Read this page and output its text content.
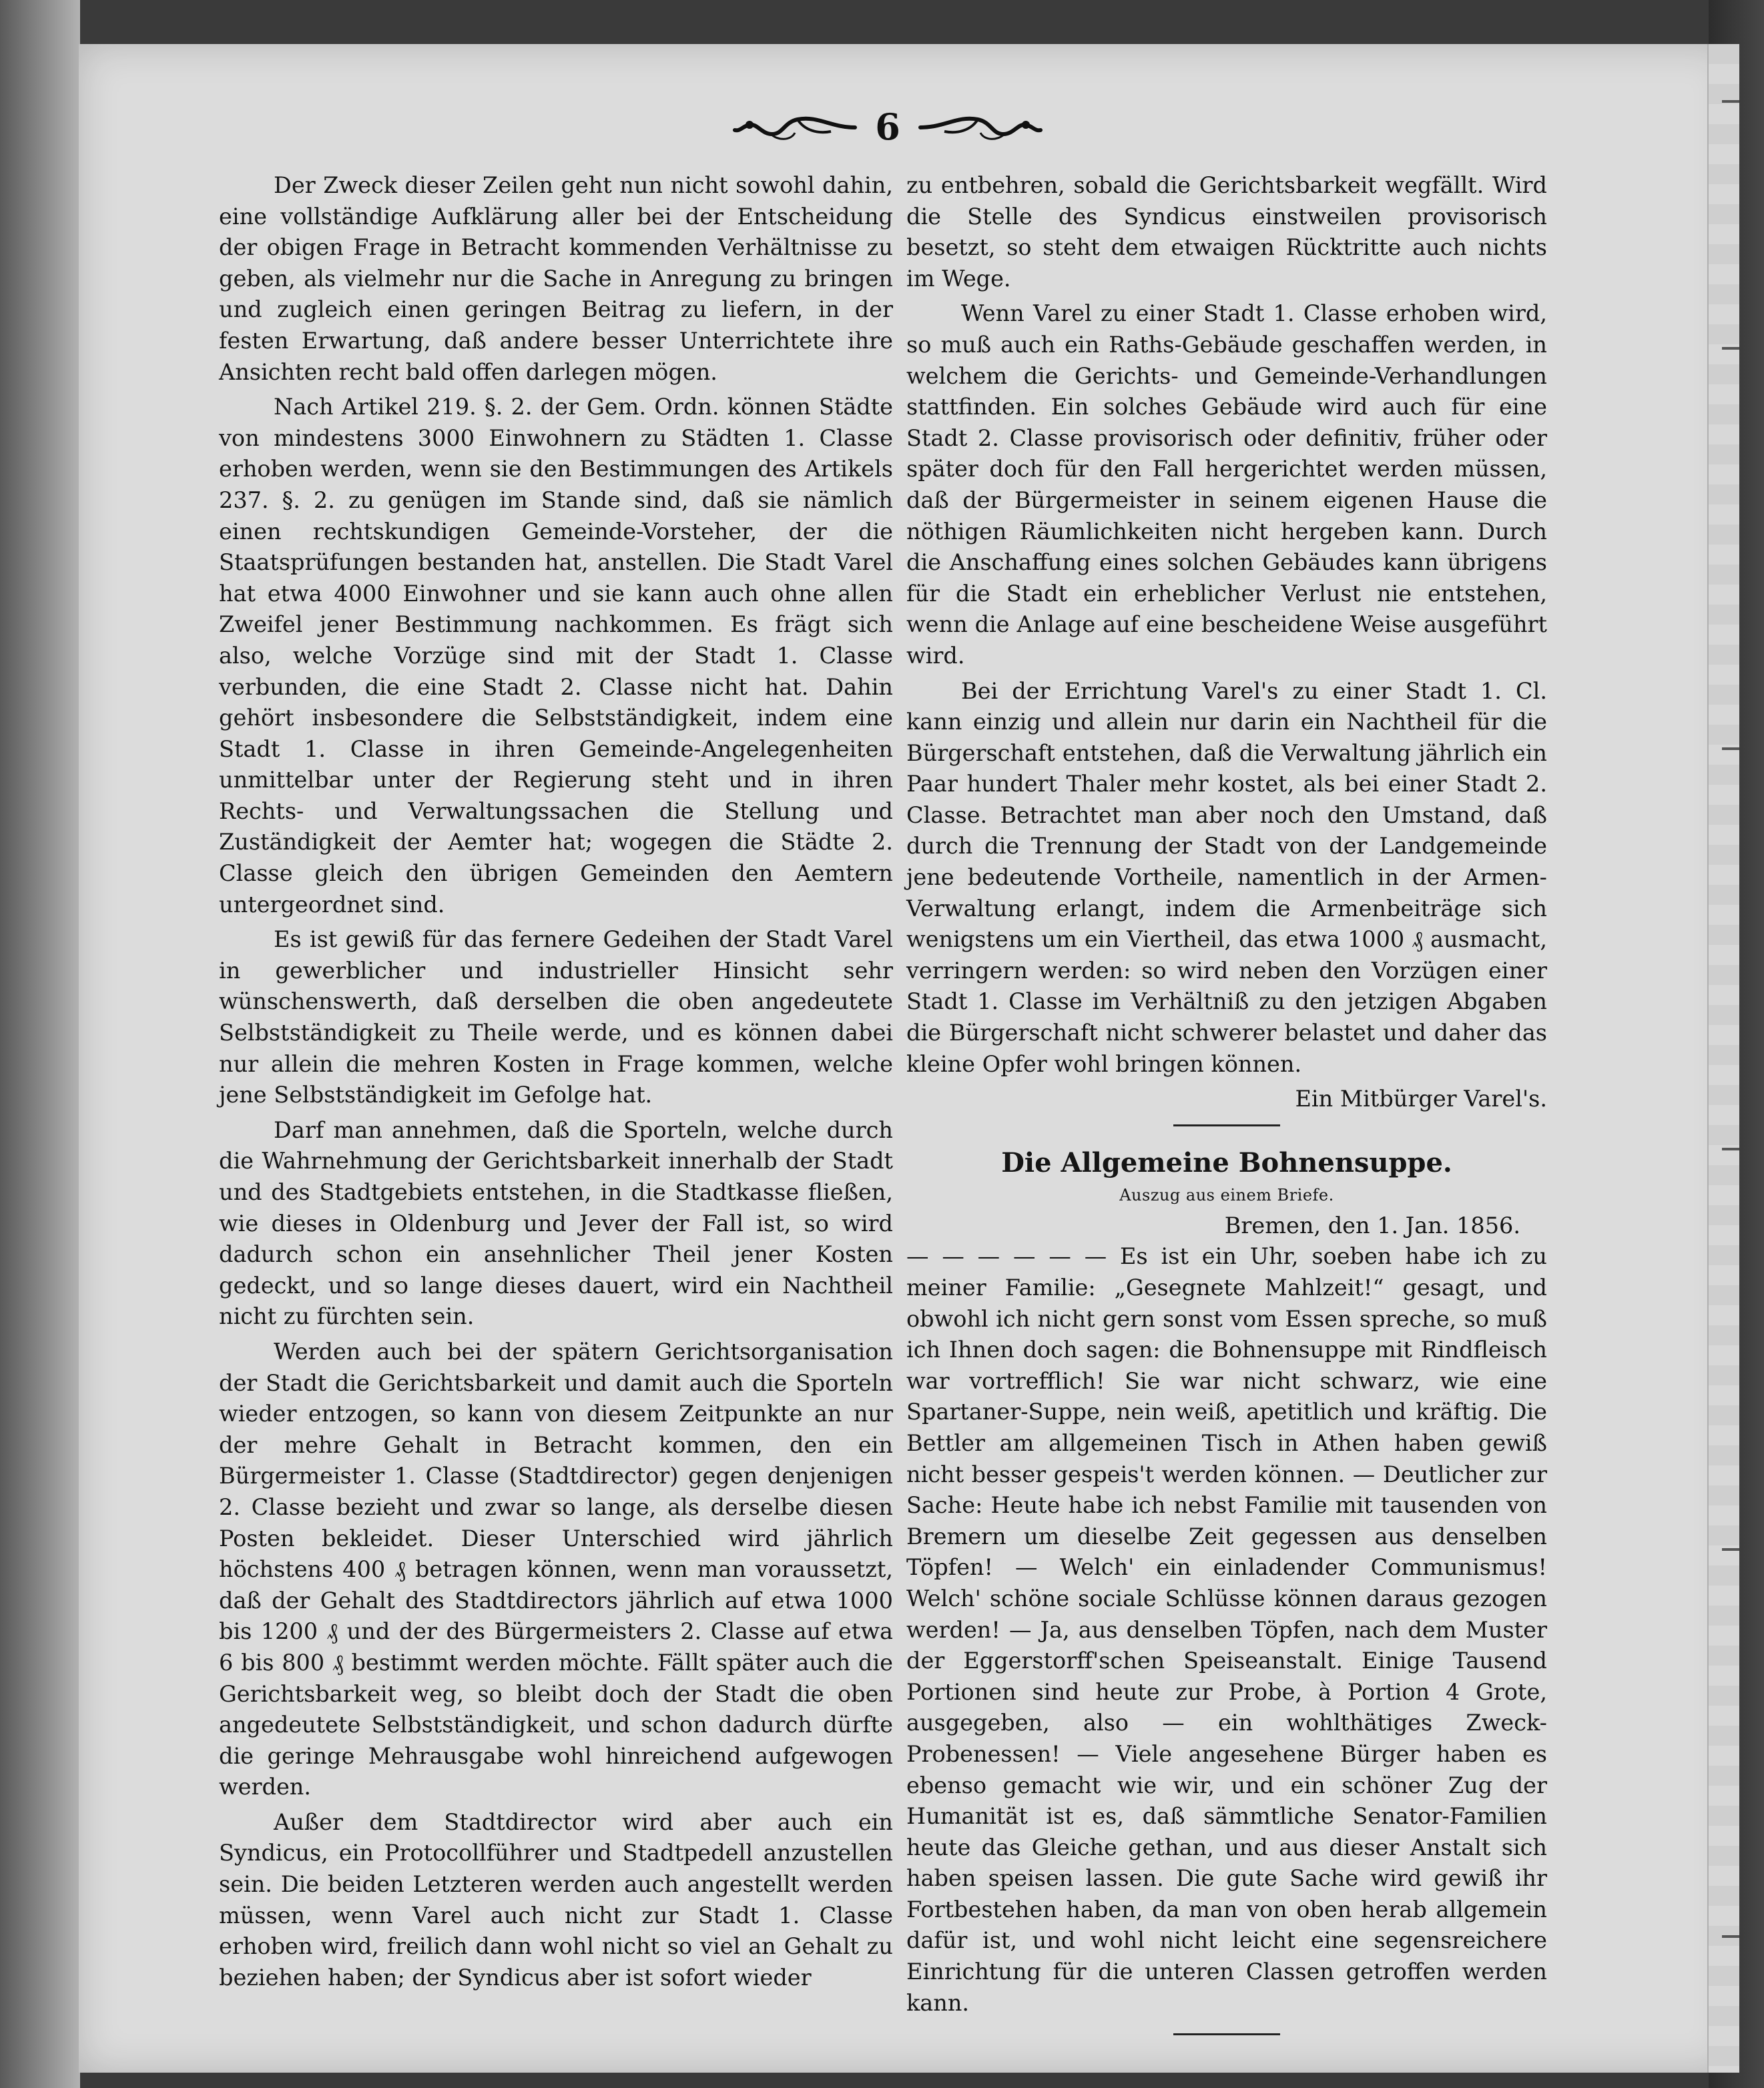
6

Der Zweck dieser Zeilen geht nun nicht sowohl dahin, eine vollständige Aufklärung aller bei der Entscheidung der obigen Frage in Betracht kommenden Verhältnisse zu geben, als vielmehr nur die Sache in Anregung zu bringen und zugleich einen geringen Beitrag zu liefern, in der festen Erwartung, daß andere besser Unterrichtete ihre Ansichten recht bald offen darlegen mögen.

Nach Artikel 219. §. 2. der Gem. Ordn. können Städte von mindestens 3000 Einwohnern zu Städten 1. Classe erhoben werden, wenn sie den Bestimmungen des Artikels 237. §. 2. zu genügen im Stande sind, daß sie nämlich einen rechtskundigen Gemeinde-Vorsteher, der die Staatsprüfungen bestanden hat, anstellen. Die Stadt Varel hat etwa 4000 Einwohner und sie kann auch ohne allen Zweifel jener Bestimmung nachkommen. Es frägt sich also, welche Vorzüge sind mit der Stadt 1. Classe verbunden, die eine Stadt 2. Classe nicht hat. Dahin gehört insbesondere die Selbstständigkeit, indem eine Stadt 1. Classe in ihren Gemeinde-Angelegenheiten unmittelbar unter der Regierung steht und in ihren Rechts- und Verwaltungssachen die Stellung und Zuständigkeit der Aemter hat; wogegen die Städte 2. Classe gleich den übrigen Gemeinden den Aemtern untergeordnet sind.

Es ist gewiß für das fernere Gedeihen der Stadt Varel in gewerblicher und industrieller Hinsicht sehr wünschenswerth, daß derselben die oben angedeutete Selbstständigkeit zu Theile werde, und es können dabei nur allein die mehren Kosten in Frage kommen, welche jene Selbstständigkeit im Gefolge hat.

Darf man annehmen, daß die Sporteln, welche durch die Wahrnehmung der Gerichtsbarkeit innerhalb der Stadt und des Stadtgebiets entstehen, in die Stadtkasse fließen, wie dieses in Oldenburg und Jever der Fall ist, so wird dadurch schon ein ansehnlicher Theil jener Kosten gedeckt, und so lange dieses dauert, wird ein Nachtheil nicht zu fürchten sein.

Werden auch bei der spätern Gerichtsorganisation der Stadt die Gerichtsbarkeit und damit auch die Sporteln wieder entzogen, so kann von diesem Zeitpunkte an nur der mehre Gehalt in Betracht kommen, den ein Bürgermeister 1. Classe (Stadtdirector) gegen denjenigen 2. Classe bezieht und zwar so lange, als derselbe diesen Posten bekleidet. Dieser Unterschied wird jährlich höchstens 400 ₰ betragen können, wenn man voraussetzt, daß der Gehalt des Stadtdirectors jährlich auf etwa 1000 bis 1200 ₰ und der des Bürgermeisters 2. Classe auf etwa 6 bis 800 ₰ bestimmt werden möchte. Fällt später auch die Gerichtsbarkeit weg, so bleibt doch der Stadt die oben angedeutete Selbstständigkeit, und schon dadurch dürfte die geringe Mehrausgabe wohl hinreichend aufgewogen werden.

Außer dem Stadtdirector wird aber auch ein Syndicus, ein Protocollführer und Stadtpedell anzustellen sein. Die beiden Letzteren werden auch angestellt werden müssen, wenn Varel auch nicht zur Stadt 1. Classe erhoben wird, freilich dann wohl nicht so viel an Gehalt zu beziehen haben; der Syndicus aber ist sofort wieder

zu entbehren, sobald die Gerichtsbarkeit wegfällt. Wird die Stelle des Syndicus einstweilen provisorisch besetzt, so steht dem etwaigen Rücktritte auch nichts im Wege.

Wenn Varel zu einer Stadt 1. Classe erhoben wird, so muß auch ein Raths-Gebäude geschaffen werden, in welchem die Gerichts- und Gemeinde-Verhandlungen stattfinden. Ein solches Gebäude wird auch für eine Stadt 2. Classe provisorisch oder definitiv, früher oder später doch für den Fall hergerichtet werden müssen, daß der Bürgermeister in seinem eigenen Hause die nöthigen Räumlichkeiten nicht hergeben kann. Durch die Anschaffung eines solchen Gebäudes kann übrigens für die Stadt ein erheblicher Verlust nie entstehen, wenn die Anlage auf eine bescheidene Weise ausgeführt wird.

Bei der Errichtung Varel's zu einer Stadt 1. Cl. kann einzig und allein nur darin ein Nachtheil für die Bürgerschaft entstehen, daß die Verwaltung jährlich ein Paar hundert Thaler mehr kostet, als bei einer Stadt 2. Classe. Betrachtet man aber noch den Umstand, daß durch die Trennung der Stadt von der Landgemeinde jene bedeutende Vortheile, namentlich in der Armen-Verwaltung erlangt, indem die Armenbeiträge sich wenigstens um ein Viertheil, das etwa 1000 ₰ ausmacht, verringern werden: so wird neben den Vorzügen einer Stadt 1. Classe im Verhältniß zu den jetzigen Abgaben die Bürgerschaft nicht schwerer belastet und daher das kleine Opfer wohl bringen können.

Ein Mitbürger Varel's.

Die Allgemeine Bohnensuppe.

Auszug aus einem Briefe.

Bremen, den 1. Jan. 1856.

— — — — — — Es ist ein Uhr, soeben habe ich zu meiner Familie: „Gesegnete Mahlzeit!“ gesagt, und obwohl ich nicht gern sonst vom Essen spreche, so muß ich Ihnen doch sagen: die Bohnensuppe mit Rindfleisch war vortrefflich! Sie war nicht schwarz, wie eine Spartaner-Suppe, nein weiß, apetitlich und kräftig. Die Bettler am allgemeinen Tisch in Athen haben gewiß nicht besser gespeis't werden können. — Deutlicher zur Sache: Heute habe ich nebst Familie mit tausenden von Bremern um dieselbe Zeit gegessen aus denselben Töpfen! — Welch' ein einladender Communismus! Welch' schöne sociale Schlüsse können daraus gezogen werden! — Ja, aus denselben Töpfen, nach dem Muster der Eggerstorff'schen Speiseanstalt. Einige Tausend Portionen sind heute zur Probe, à Portion 4 Grote, ausgegeben, also — ein wohlthätiges Zweck-Probenessen! — Viele angesehene Bürger haben es ebenso gemacht wie wir, und ein schöner Zug der Humanität ist es, daß sämmtliche Senator-Familien heute das Gleiche gethan, und aus dieser Anstalt sich haben speisen lassen. Die gute Sache wird gewiß ihr Fortbestehen haben, da man von oben herab allgemein dafür ist, und wohl nicht leicht eine segensreichere Einrichtung für die unteren Classen getroffen werden kann.
